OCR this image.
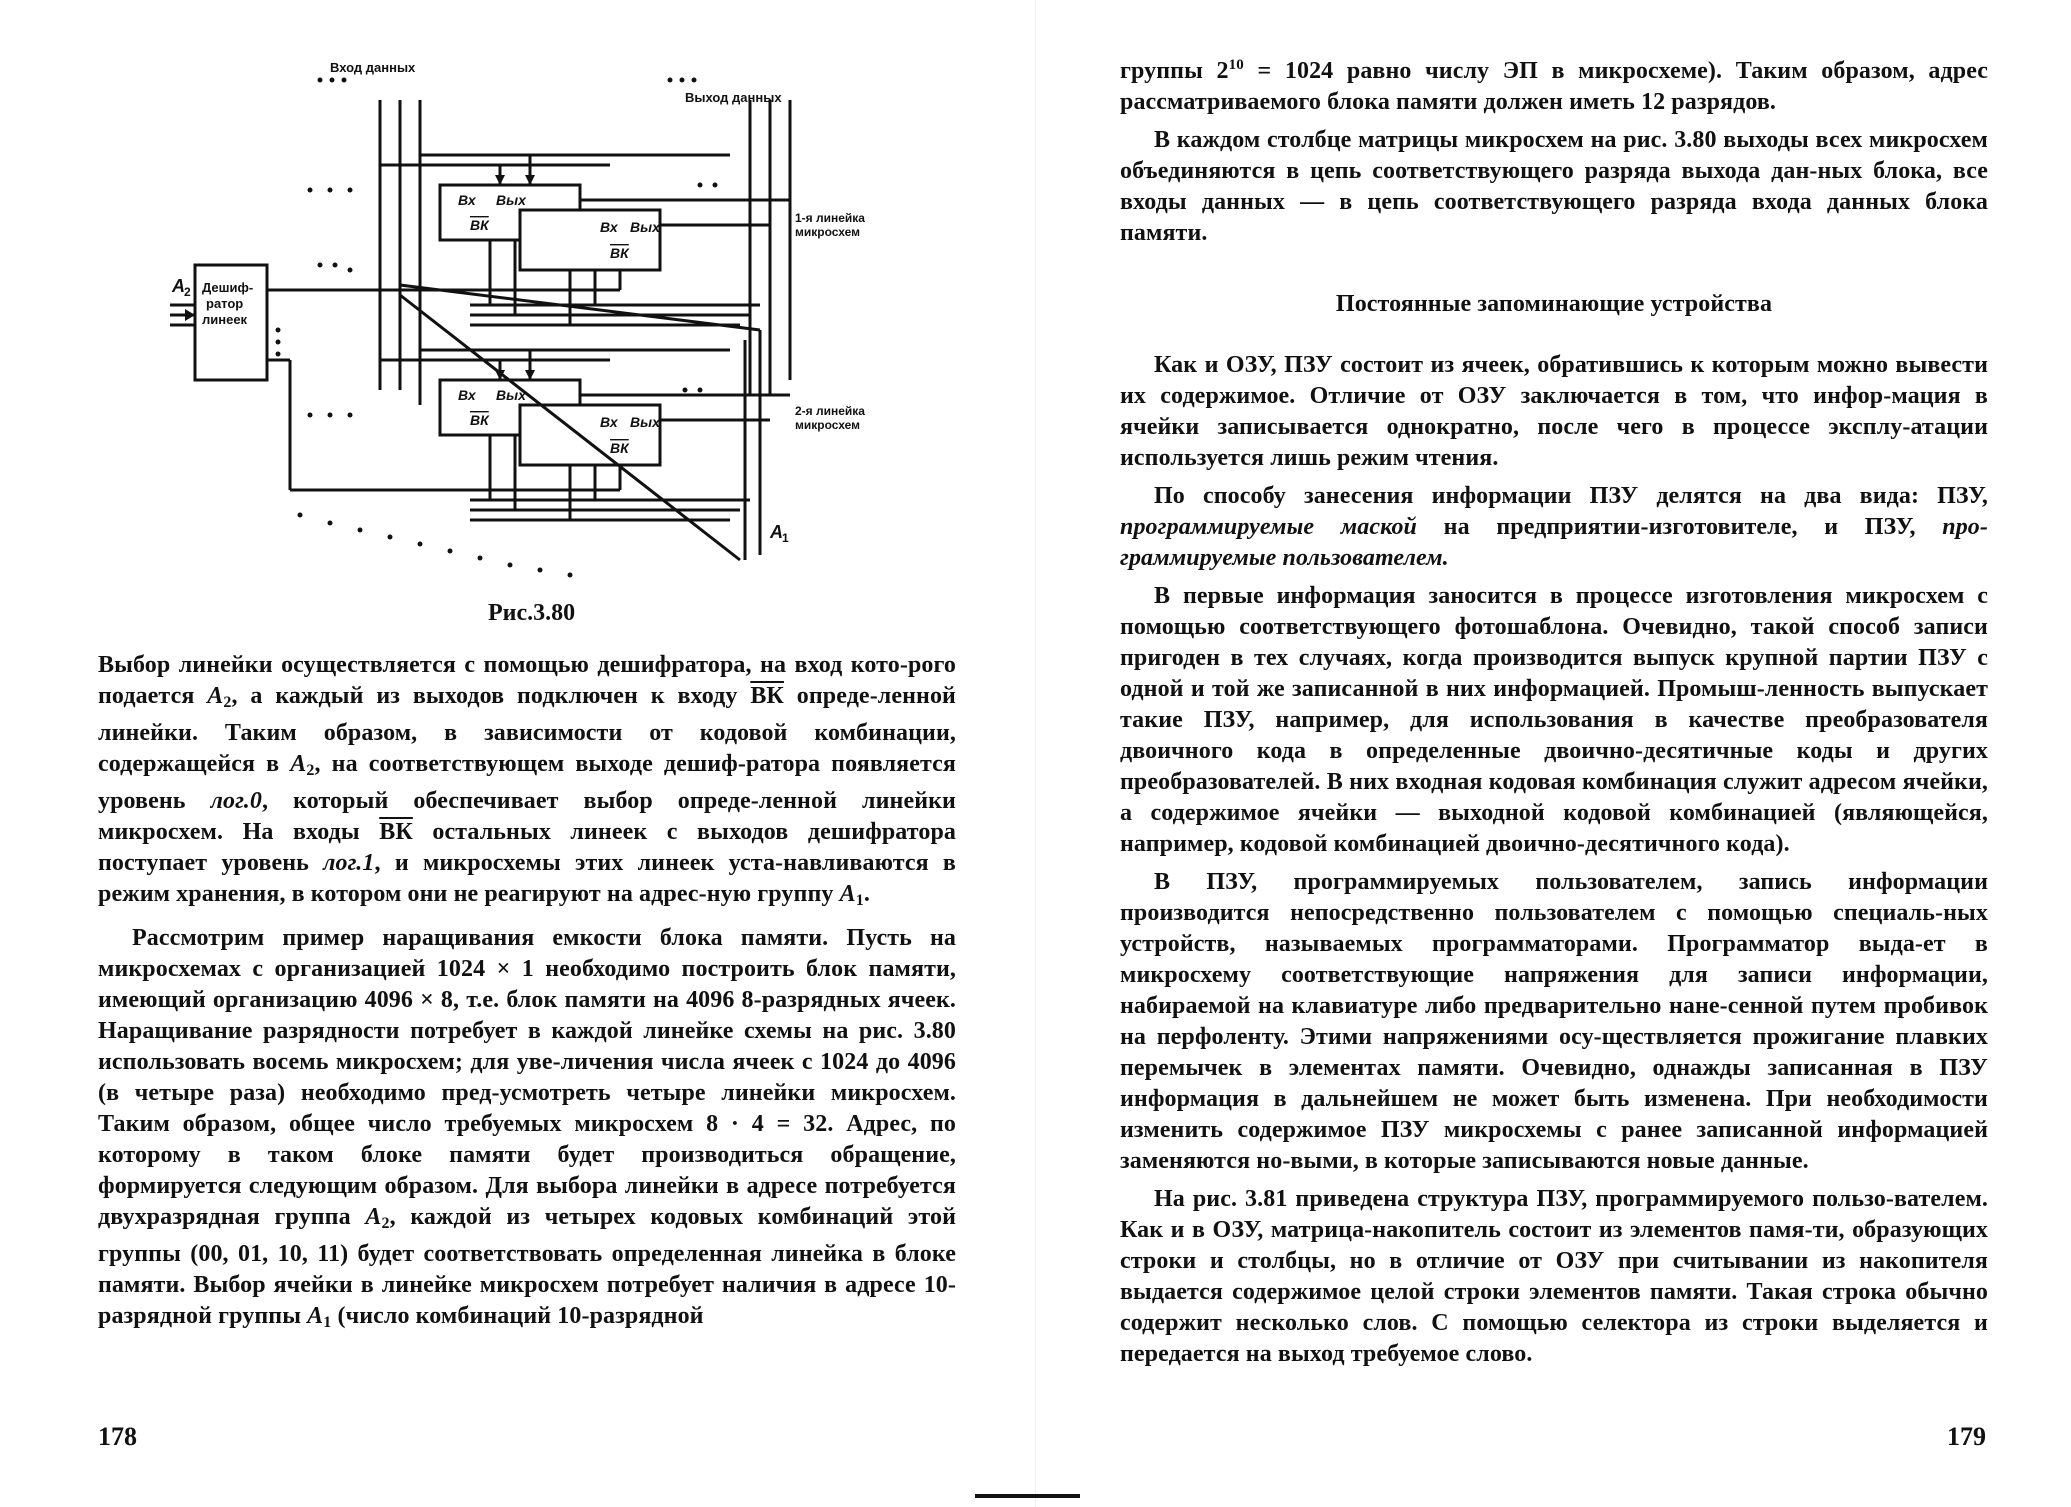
Вход данных
Выход данных
Дешиф-
ратор
линеек
1-я линейка
микросхем
2-я линейка
микросхем
A 2
A 1
Вх Вых
ВК	Вх Вых
ВК
Вх Вых
ВК	Вх Вых
ВК
Рис.3.80

Выбор линейки осуществляется с помощью дешифратора, на вход кото-рого подается $A_2$, а каждый из выходов подключен к входу ВК опреде-ленной линейки. Таким образом, в зависимости от кодовой комбинации, содержащейся в $A_2$, на соответствующем выходе дешиф-ратора появляется уровень лог.0, который обеспечивает выбор опреде-ленной линейки микросхем. На входы ВК остальных линеек с выходов дешифратора поступает уровень лог.1, и микросхемы этих линеек уста-навливаются в режим хранения, в котором они не реагируют на адрес-ную группу $A_1$.

Рассмотрим пример наращивания емкости блока памяти. Пусть на микросхемах с организацией 1024 × 1 необходимо построить блок памяти, имеющий организацию 4096 × 8, т.е. блок памяти на 4096 8-разрядных ячеек. Наращивание разрядности потребует в каждой линейке схемы на рис. 3.80 использовать восемь микросхем; для уве-личения числа ячеек с 1024 до 4096 (в четыре раза) необходимо пред-усмотреть четыре линейки микросхем. Таким образом, общее число требуемых микросхем 8 · 4 = 32. Адрес, по которому в таком блоке памяти будет производиться обращение, формируется следующим образом. Для выбора линейки в адресе потребуется двухразрядная группа $A_2$, каждой из четырех кодовых комбинаций этой группы (00, 01, 10, 11) будет соответствовать определенная линейка в блоке памяти. Выбор ячейки в линейке микросхем потребует наличия в адресе 10-разрядной группы $A_1$ (число комбинаций 10-разрядной

178

группы $2^{10} = 1024$ равно числу ЭП в микросхеме). Таким образом, адрес рассматриваемого блока памяти должен иметь 12 разрядов.

В каждом столбце матрицы микросхем на рис. 3.80 выходы всех микросхем объединяются в цепь соответствующего разряда выхода дан-ных блока, все входы данных — в цепь соответствующего разряда входа данных блока памяти.

Постоянные запоминающие устройства

Как и ОЗУ, ПЗУ состоит из ячеек, обратившись к которым можно вывести их содержимое. Отличие от ОЗУ заключается в том, что инфор-мация в ячейки записывается однократно, после чего в процессе эксплу-атации используется лишь режим чтения.

По способу занесения информации ПЗУ делятся на два вида: ПЗУ, программируемые маской на предприятии-изготовителе, и ПЗУ, про-граммируемые пользователем.

В первые информация заносится в процессе изготовления микросхем с помощью соответствующего фотошаблона. Очевидно, такой способ записи пригоден в тех случаях, когда производится выпуск крупной партии ПЗУ с одной и той же записанной в них информацией. Промыш-ленность выпускает такие ПЗУ, например, для использования в качестве преобразователя двоичного кода в определенные двоично-десятичные коды и других преобразователей. В них входная кодовая комбинация служит адресом ячейки, а содержимое ячейки — выходной кодовой комбинацией (являющейся, например, кодовой комбинацией двоично-десятичного кода).

В ПЗУ, программируемых пользователем, запись информации производится непосредственно пользователем с помощью специаль-ных устройств, называемых программаторами. Программатор выда-ет в микросхему соответствующие напряжения для записи информации, набираемой на клавиатуре либо предварительно нане-сенной путем пробивок на перфоленту. Этими напряжениями осу-ществляется прожигание плавких перемычек в элементах памяти. Очевидно, однажды записанная в ПЗУ информация в дальнейшем не может быть изменена. При необходимости изменить содержимое ПЗУ микросхемы с ранее записанной информацией заменяются но-выми, в которые записываются новые данные.

На рис. 3.81 приведена структура ПЗУ, программируемого пользо-вателем. Как и в ОЗУ, матрица-накопитель состоит из элементов памя-ти, образующих строки и столбцы, но в отличие от ОЗУ при считывании из накопителя выдается содержимое целой строки элементов памяти. Такая строка обычно содержит несколько слов. С помощью селектора из строки выделяется и передается на выход требуемое слово.

179
